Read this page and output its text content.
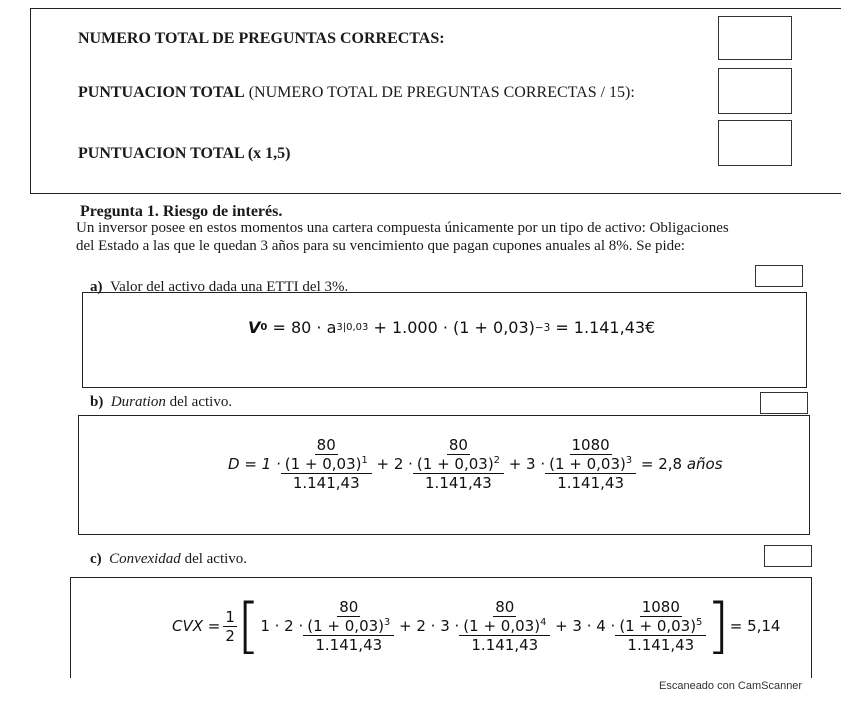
NUMERO TOTAL DE PREGUNTAS CORRECTAS:
PUNTUACION TOTAL (NUMERO TOTAL DE PREGUNTAS CORRECTAS / 15):
PUNTUACION TOTAL (x 1,5)
Pregunta 1. Riesgo de interés.
Un inversor posee en estos momentos una cartera compuesta únicamente por un tipo de activo: Obligaciones
del Estado a las que le quedan 3 años para su vencimiento que pagan cupones anuales al 8%. Se pide:
a) Valor del activo dada una ETTI del 3%.
V 0
= 80 · a 3|0,03
+ 1.000 · (1 + 0,03) −3
= 1.141,43€
b) Duration del activo.
$D = 1 \cdot \frac{\frac{80}{(1 + 0,03)^1}}{1.141,43}$
+ $2 \cdot \frac{\frac{80}{(1 + 0,03)^2}}{1.141,43}$
+ $3 \cdot \frac{\frac{1080}{(1 + 0,03)^3}}{1.141,43}$
= 2,8
años
c) Convexidad del activo.
CVX = $\frac{1}{2}$ [ $1 \cdot 2 \cdot \frac{\frac{80}{(1 + 0,03)^3}}{1.141,43}$
+ $2 \cdot 3 \cdot \frac{\frac{80}{(1 + 0,03)^4}}{1.141,43}$
+ $3 \cdot 4 \cdot \frac{\frac{1080}{(1 + 0,03)^5}}{1.141,43}$ ] = 5,14
Escaneado con CamScanner
